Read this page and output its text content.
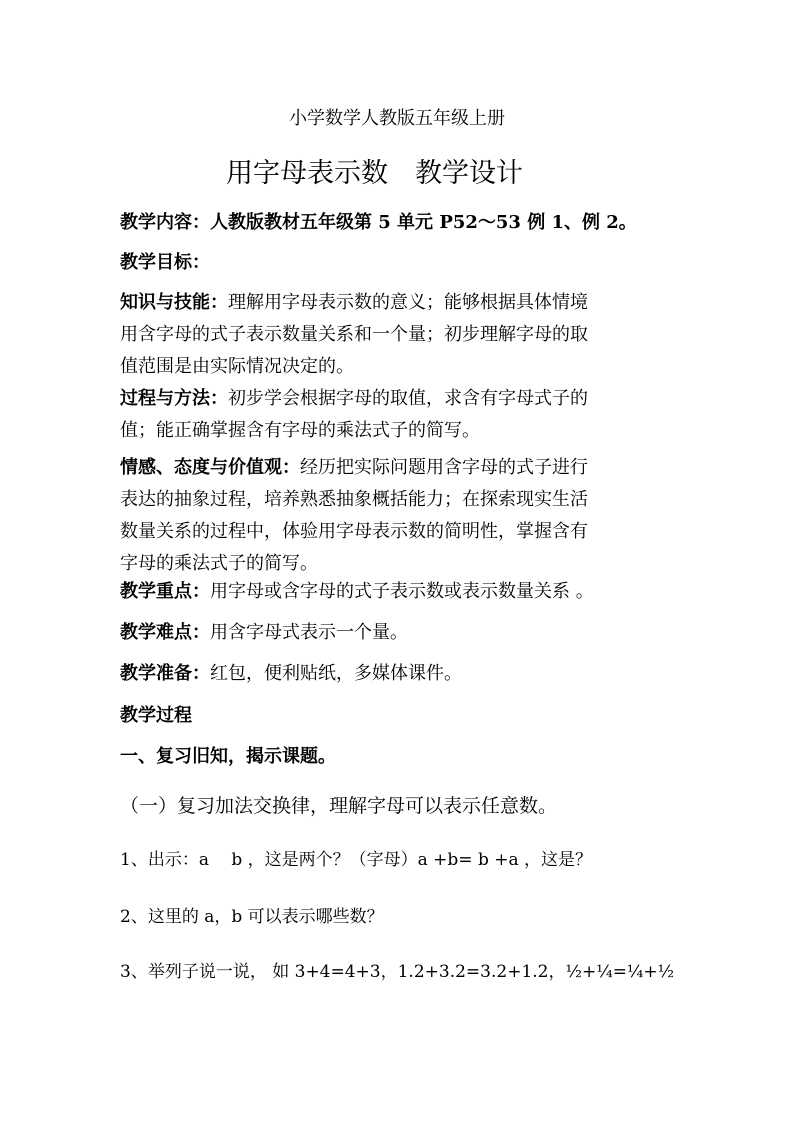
小学数学人教版五年级上册
用字母表示数　教学设计
教学内容：人教版教材五年级第 5 单元 P52～53 例 1、例 2。
教学目标：
知识与技能：理解用字母表示数的意义；能够根据具体情境
用含字母的式子表示数量关系和一个量；初步理解字母的取
值范围是由实际情况决定的。
过程与方法：初步学会根据字母的取值，求含有字母式子的
值；能正确掌握含有字母的乘法式子的简写。
情感、态度与价值观：经历把实际问题用含字母的式子进行
表达的抽象过程，培养熟悉抽象概括能力；在探索现实生活
数量关系的过程中，体验用字母表示数的简明性，掌握含有
字母的乘法式子的简写。
教学重点：用字母或含字母的式子表示数或表示数量关系 。
教学难点：用含字母式表示一个量。
教学准备：红包，便利贴纸，多媒体课件。
教学过程
一、复习旧知，揭示课题。
（一）复习加法交换律，理解字母可以表示任意数。
1、出示：a　 b ，这是两个？（字母）a +b= b +a ，这是？
2、这里的 a，b 可以表示哪些数？
3、举列子说一说， 如 3+4=4+3，1.2+3.2=3.2+1.2，½+¼=¼+½
